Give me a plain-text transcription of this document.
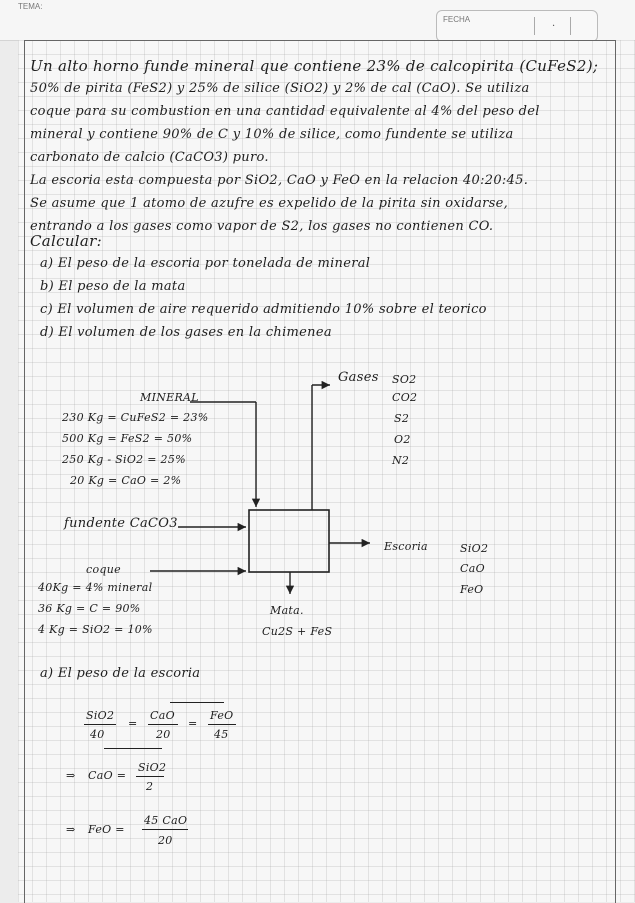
TEMA:
FECHA
·
Un alto horno funde mineral que contiene 23% de calcopirita (CuFeS2);
50% de pirita (FeS2) y 25% de silice (SiO2) y 2% de cal (CaO). Se utiliza
coque para su combustion en una cantidad equivalente al 4% del peso del
mineral y contiene 90% de C y 10% de silice, como fundente se utiliza
carbonato de calcio (CaCO3) puro.
La escoria esta compuesta por SiO2, CaO y FeO en la relacion 40:20:45.
Se asume que 1 atomo de azufre es expelido de la pirita sin oxidarse,
entrando a los gases como vapor de S2, los gases no contienen CO.
Calcular:
a) El peso de la escoria por tonelada de mineral
b) El peso de la mata
c) El volumen de aire requerido admitiendo 10% sobre el teorico
d) El volumen de los gases en la chimenea
MINERAL
230 Kg = CuFeS2 = 23%
500 Kg = FeS2 = 50%
250 Kg - SiO2 = 25%
20 Kg = CaO = 2%
Gases SO2
CO2
S2
O2
N2
fundente CaCO3
Escoria	SiO2
CaO
FeO
coque
40Kg = 4% mineral
36 Kg = C = 90%
4 Kg = SiO2 = 10%
Mata.
Cu2S + FeS
a) El peso de la escoria
SiO2
40
=
CaO
20
=
FeO
45
⇒ CaO =
SiO2
2
⇒ FeO =
45 CaO
20
